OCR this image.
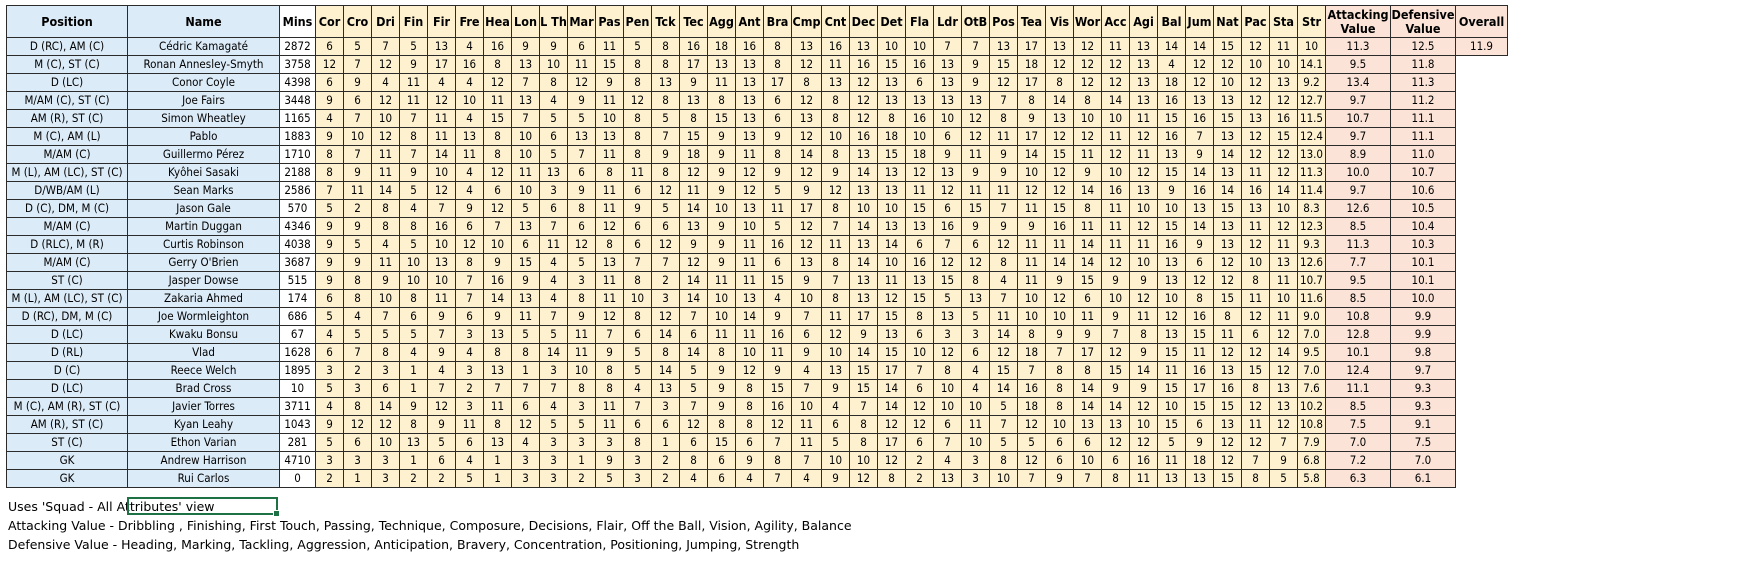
Position	Name	Mins	Cor	Cro	Dri	Fin	Fir	Fre	Hea	Lon	L Th	Mar	Pas	Pen	Tck	Tec	Agg	Ant	Bra	Cmp	Cnt	Dec	Det	Fla	Ldr	OtB	Pos	Tea	Vis	Wor	Acc	Agi	Bal	Jum	Nat	Pac	Sta	Str	Attacking Value	Defensive Value	Overall
D (RC), AM (C)	Cédric Kamagaté	2872	6	5	7	5	13	4	16	9	9	6	11	5	8	16	18	16	8	13	16	13	10	10	7	7	13	17	13	12	11	13	14	14	15	12	11	10	11.3	12.5	11.9
M (C), ST (C)	Ronan Annesley-Smyth	3758	12	7	12	9	17	16	8	13	10	11	15	8	8	17	13	13	8	12	11	16	15	16	13	9	15	18	12	12	12	13	4	12	12	10	10	14.1	9.5	11.8	
D (LC)	Conor Coyle	4398	6	9	4	11	4	4	12	7	8	12	9	8	13	9	11	13	17	8	13	12	13	6	13	9	12	17	8	12	12	13	18	12	10	12	13	9.2	13.4	11.3	
M/AM (C), ST (C)	Joe Fairs	3448	9	6	12	11	12	10	11	13	4	9	11	12	8	13	8	13	6	12	8	12	13	13	13	13	7	8	14	8	14	13	16	13	13	12	12	12.7	9.7	11.2	
AM (R), ST (C)	Simon Wheatley	1165	4	7	10	7	11	4	15	7	5	5	10	8	5	8	15	13	6	13	8	12	8	16	10	12	8	9	13	10	10	11	15	16	15	13	16	11.5	10.7	11.1	
M (C), AM (L)	Pablo	1883	9	10	12	8	11	13	8	10	6	13	13	8	7	15	9	13	9	12	10	16	18	10	6	12	11	17	12	12	11	12	16	7	13	12	15	12.4	9.7	11.1	
M/AM (C)	Guillermo Pérez	1710	8	7	11	7	14	11	8	10	5	7	11	8	9	18	9	11	8	14	8	13	15	18	9	11	9	14	15	11	12	11	13	9	14	12	12	13.0	8.9	11.0	
M (L), AM (LC), ST (C)	Kyôhei Sasaki	2188	8	9	11	9	10	4	12	11	13	6	8	11	8	12	9	12	9	12	9	14	13	12	13	9	9	10	12	9	10	12	15	14	13	11	12	11.3	10.0	10.7	
D/WB/AM (L)	Sean Marks	2586	7	11	14	5	12	4	6	10	3	9	11	6	12	11	9	12	5	9	12	13	13	11	12	11	11	12	12	14	16	13	9	16	14	16	14	11.4	9.7	10.6	
D (C), DM, M (C)	Jason Gale	570	5	2	8	4	7	9	12	5	6	8	11	9	5	14	10	13	11	17	8	10	10	15	6	15	7	11	15	8	11	10	10	13	15	13	10	8.3	12.6	10.5	
M/AM (C)	Martin Duggan	4346	9	9	8	8	16	6	7	13	7	6	12	6	6	13	9	10	5	12	7	14	13	13	16	9	9	9	16	11	11	12	15	14	13	11	12	12.3	8.5	10.4	
D (RLC), M (R)	Curtis Robinson	4038	9	5	4	5	10	12	10	6	11	12	8	6	12	9	9	11	16	12	11	13	14	6	7	6	12	11	11	14	11	11	16	9	13	12	11	9.3	11.3	10.3	
M/AM (C)	Gerry O'Brien	3687	9	9	11	10	13	8	9	15	4	5	13	7	7	12	9	11	6	13	8	14	10	16	12	12	8	11	14	14	12	10	13	6	12	10	13	12.6	7.7	10.1	
ST (C)	Jasper Dowse	515	9	8	9	10	10	7	16	9	4	3	11	8	2	14	11	11	15	9	7	13	11	13	15	8	4	11	9	15	9	9	13	12	12	8	11	10.7	9.5	10.1	
M (L), AM (LC), ST (C)	Zakaria Ahmed	174	6	8	10	8	11	7	14	13	4	8	11	10	3	14	10	13	4	10	8	13	12	15	5	13	7	10	12	6	10	12	10	8	15	11	10	11.6	8.5	10.0	
D (RC), DM, M (C)	Joe Wormleighton	686	5	4	7	6	9	6	9	11	7	9	12	8	12	7	10	14	9	7	11	17	15	8	13	5	11	10	10	11	9	11	12	16	8	12	11	9.0	10.8	9.9	
D (LC)	Kwaku Bonsu	67	4	5	5	5	7	3	13	5	5	11	7	6	14	6	11	11	16	6	12	9	13	6	3	3	14	8	9	9	7	8	13	15	11	6	12	7.0	12.8	9.9	
D (RL)	Vlad	1628	6	7	8	4	9	4	8	8	14	11	9	5	8	14	8	10	11	9	10	14	15	10	12	6	12	18	7	17	12	9	15	11	12	12	14	9.5	10.1	9.8	
D (C)	Reece Welch	1895	3	2	3	1	4	3	13	1	3	10	8	5	14	5	9	12	9	4	13	15	17	7	8	4	15	7	8	8	15	14	11	16	13	15	12	7.0	12.4	9.7	
D (LC)	Brad Cross	10	5	3	6	1	7	2	7	7	7	8	8	4	13	5	9	8	15	7	9	15	14	6	10	4	14	16	8	14	9	9	15	17	16	8	13	7.6	11.1	9.3	
M (C), AM (R), ST (C)	Javier Torres	3711	4	8	14	9	12	3	11	6	4	3	11	7	3	7	9	8	16	10	4	7	14	12	10	10	5	18	8	14	14	12	10	15	15	12	13	10.2	8.5	9.3	
AM (R), ST (C)	Kyan Leahy	1043	9	12	12	8	9	11	8	12	5	5	11	6	6	12	8	8	12	11	6	8	12	12	6	11	7	12	10	13	13	10	15	6	13	11	12	10.8	7.5	9.1	
ST (C)	Ethon Varian	281	5	6	10	13	5	6	13	4	3	3	3	8	1	6	15	6	7	11	5	8	17	6	7	10	5	5	6	6	12	12	5	9	12	12	7	7.9	7.0	7.5	
GK	Andrew Harrison	4710	3	3	3	1	6	4	1	3	3	1	9	3	2	8	6	9	8	7	10	10	12	2	4	3	8	12	6	10	6	16	11	18	12	7	9	6.8	7.2	7.0	
GK	Rui Carlos	0	2	1	3	2	2	5	1	3	3	2	5	3	2	4	6	4	7	4	9	12	8	2	13	3	10	7	9	7	8	11	13	13	15	8	5	5.8	6.3	6.1	
Uses 'Squad - All Attributes' view
Attacking Value - Dribbling , Finishing, First Touch, Passing, Technique, Composure, Decisions, Flair, Off the Ball, Vision, Agility, Balance
Defensive Value - Heading, Marking, Tackling, Aggression, Anticipation, Bravery, Concentration, Positioning, Jumping, Strength
